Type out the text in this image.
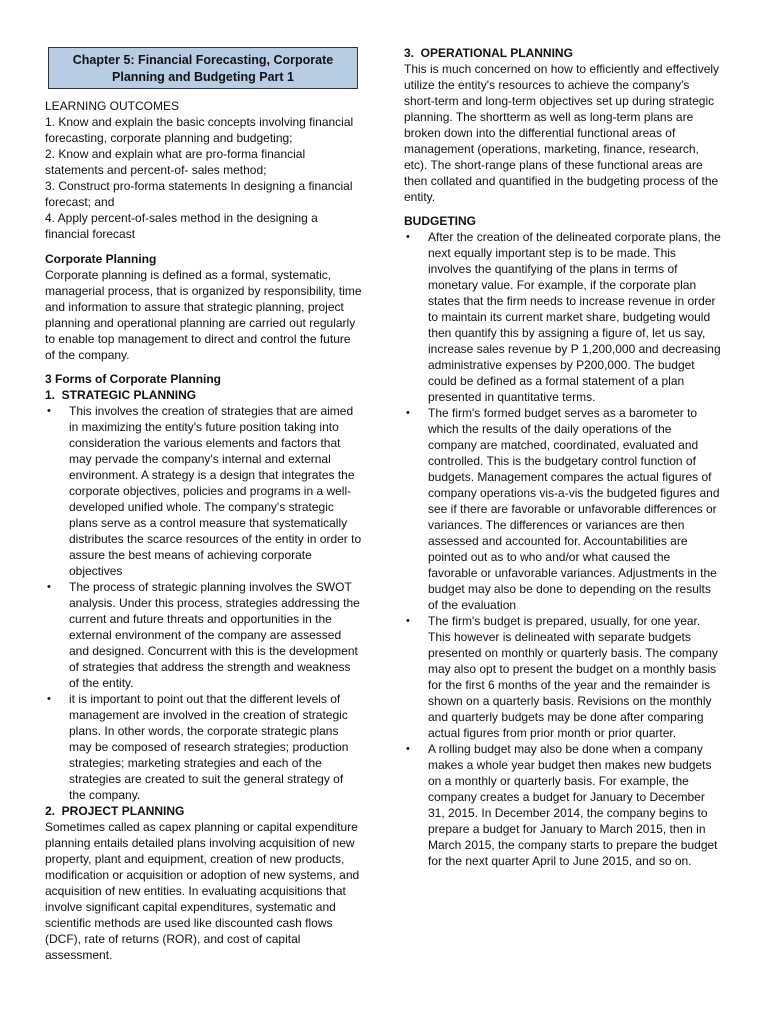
Chapter 5: Financial Forecasting, Corporate Planning and Budgeting Part 1

LEARNING OUTCOMES

1. Know and explain the basic concepts involving financial forecasting, corporate planning and budgeting;

2. Know and explain what are pro-forma financial statements and percent-of- sales method;

3. Construct pro-forma statements In designing a financial forecast; and

4. Apply percent-of-sales method in the designing a financial forecast

Corporate Planning

Corporate planning is defined as a formal, systematic, managerial process, that is organized by responsibility, time and information to assure that strategic planning, project planning and operational planning are carried out regularly to enable top management to direct and control the future of the company.

3 Forms of Corporate Planning

1.  STRATEGIC PLANNING

• This involves the creation of strategies that are aimed in maximizing the entity's future position taking into consideration the various elements and factors that may pervade the company's internal and external environment. A strategy is a design that integrates the corporate objectives, policies and programs in a well-developed unified whole. The company's strategic plans serve as a control measure that systematically distributes the scarce resources of the entity in order to assure the best means of achieving corporate objectives
• The process of strategic planning involves the SWOT analysis. Under this process, strategies addressing the current and future threats and opportunities in the external environment of the company are assessed and designed. Concurrent with this is the development of strategies that address the strength and weakness of the entity.
• it is important to point out that the different levels of management are involved in the creation of strategic plans. In other words, the corporate strategic plans may be composed of research strategies; production strategies; marketing strategies and each of the strategies are created to suit the general strategy of the company.

2.  PROJECT PLANNING

Sometimes called as capex planning or capital expenditure planning entails detailed plans involving acquisition of new property, plant and equipment, creation of new products, modification or acquisition or adoption of new systems, and acquisition of new entities. In evaluating acquisitions that involve significant capital expenditures, systematic and scientific methods are used like discounted cash flows (DCF), rate of returns (ROR), and cost of capital assessment.

3.  OPERATIONAL PLANNING

This is much concerned on how to efficiently and effectively utilize the entity's resources to achieve the company's short-term and long-term objectives set up during strategic planning. The shortterm as well as long-term plans are broken down into the differential functional areas of management (operations, marketing, finance, research, etc). The short-range plans of these functional areas are then collated and quantified in the budgeting process of the entity.

BUDGETING

• After the creation of the delineated corporate plans, the next equally important step is to be made. This involves the quantifying of the plans in terms of monetary value. For example, if the corporate plan states that the firm needs to increase revenue in order to maintain its current market share, budgeting would then quantify this by assigning a figure of, let us say, increase sales revenue by P 1,200,000 and decreasing administrative expenses by P200,000. The budget could be defined as a formal statement of a plan presented in quantitative terms.
• The firm's formed budget serves as a barometer to which the results of the daily operations of the company are matched, coordinated, evaluated and controlled. This is the budgetary control function of budgets. Management compares the actual figures of company operations vis-a-vis the budgeted figures and see if there are favorable or unfavorable differences or variances. The differences or variances are then assessed and accounted for. Accountabilities are pointed out as to who and/or what caused the favorable or unfavorable variances. Adjustments in the budget may also be done to depending on the results of the evaluation
• The firm's budget is prepared, usually, for one year. This however is delineated with separate budgets presented on monthly or quarterly basis. The company may also opt to present the budget on a monthly basis for the first 6 months of the year and the remainder is shown on a quarterly basis. Revisions on the monthly and quarterly budgets may be done after comparing actual figures from prior month or prior quarter.
• A rolling budget may also be done when a company makes a whole year budget then makes new budgets on a monthly or quarterly basis. For example, the company creates a budget for January to December 31, 2015. In December 2014, the company begins to prepare a budget for January to March 2015, then in March 2015, the company starts to prepare the budget for the next quarter April to June 2015, and so on.
